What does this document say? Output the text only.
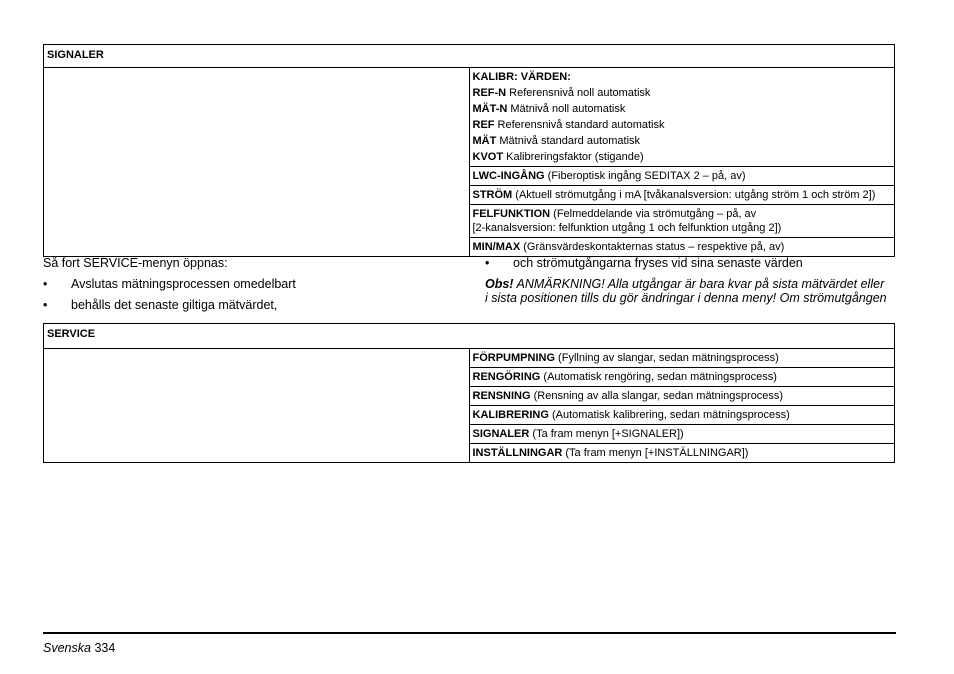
SIGNALER

KALIBR: VÄRDEN:
REF-N Referensnivå noll automatisk
MÄT-N Mätnivå noll automatisk
REF Referensnivå standard automatisk
MÄT Mätnivå standard automatisk
KVOT Kalibreringsfaktor (stigande)

LWC-INGÅNG (Fiberoptisk ingång SEDITAX 2 – på, av)
STRÖM (Aktuell strömutgång i mA [tvåkanalsversion: utgång ström 1 och ström 2])

FELFUNKTION (Felmeddelande via strömutgång – på, av
[2-kanalsversion: felfunktion utgång 1 och felfunktion utgång 2])

MIN/MAX (Gränsvärdeskontakternas status – respektive på, av)
Så fort SERVICE-menyn öppnas:
• Avslutas mätningsprocessen omedelbart
• behålls det senaste giltiga mätvärdet,
• och strömutgångarna fryses vid sina senaste värden
Obs! ANMÄRKNING! Alla utgångar är bara kvar på sista mätvärdet eller
i sista positionen tills du gör ändringar i denna meny! Om strömutgången
SERVICE
	FÖRPUMPNING (Fyllning av slangar, sedan mätningsprocess)
RENGÖRING (Automatisk rengöring, sedan mätningsprocess)
RENSNING (Rensning av alla slangar, sedan mätningsprocess)
KALIBRERING (Automatisk kalibrering, sedan mätningsprocess)
SIGNALER (Ta fram menyn [+SIGNALER])
INSTÄLLNINGAR (Ta fram menyn [+INSTÄLLNINGAR])
Svenska 334
